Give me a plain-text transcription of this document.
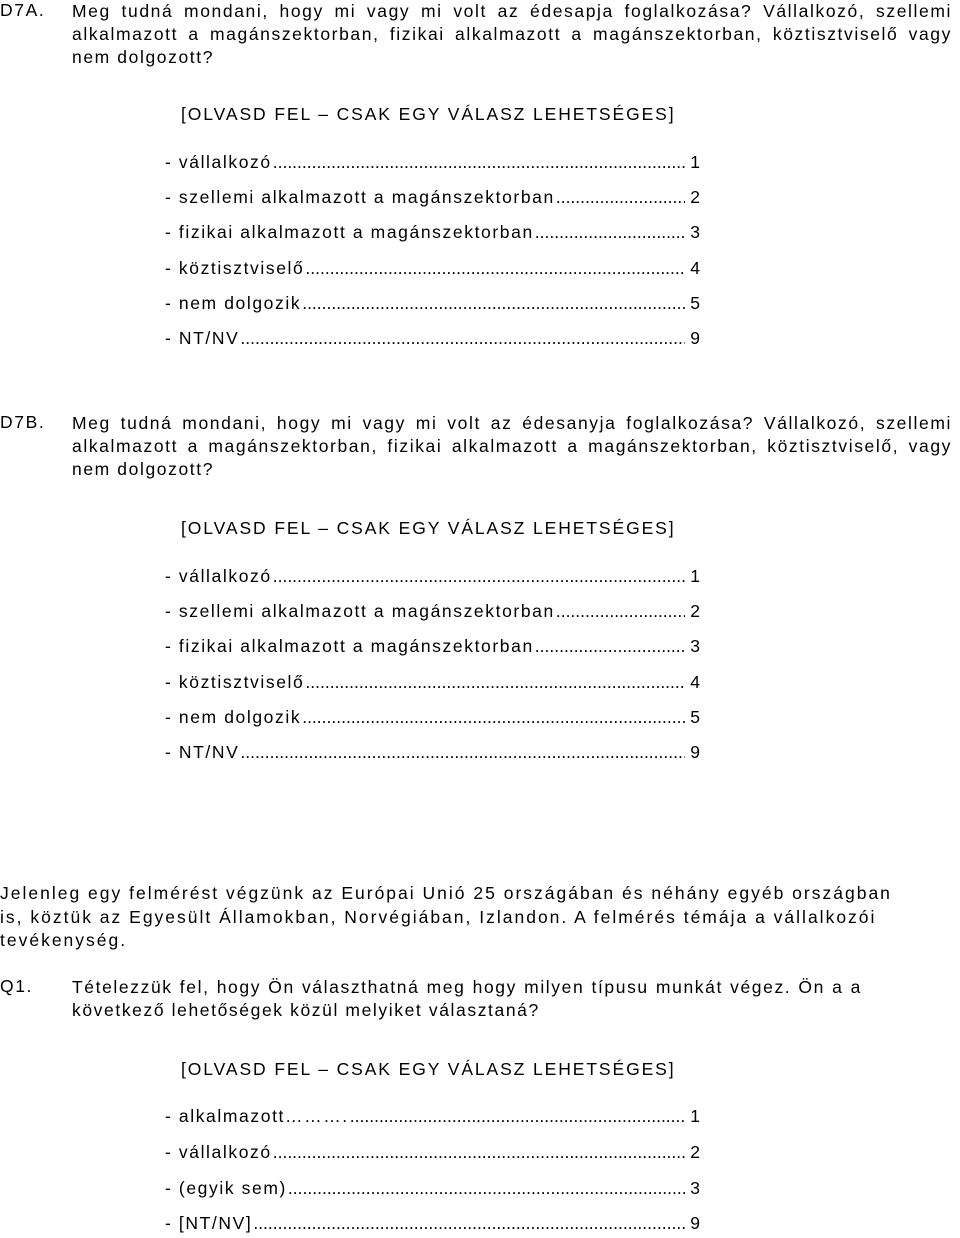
D7A. Meg tudná mondani, hogy mi vagy mi volt az édesapja foglalkozása? Vállalkozó, szellemi alkalmazott a magánszektorban, fizikai alkalmazott a magánszektorban, köztisztviselő vagy nem dolgozott?
[OLVASD FEL – CSAK EGY VÁLASZ LEHETSÉGES]
- vállalkozó .....	1
- szellemi alkalmazott a magánszektorban .....	2
- fizikai alkalmazott a magánszektorban .....	3
- köztisztviselő .....	4
- nem dolgozik .....	5
- NT/NV .....	9
D7B. Meg tudná mondani, hogy mi vagy mi volt az édesanyja foglalkozása? Vállalkozó, szellemi alkalmazott a magánszektorban, fizikai alkalmazott a magánszektorban, köztisztviselő, vagy nem dolgozott?
[OLVASD FEL – CSAK EGY VÁLASZ LEHETSÉGES]
- vállalkozó .....	1
- szellemi alkalmazott a magánszektorban .....	2
- fizikai alkalmazott a magánszektorban .....	3
- köztisztviselő .....	4
- nem dolgozik .....	5
- NT/NV .....	9
Jelenleg egy felmérést végzünk az Európai Unió 25 országában és néhány egyéb országban is, köztük az Egyesült Államokban, Norvégiában, Izlandon. A felmérés témája a vállalkozói tevékenység.
Q1. Tételezzük fel, hogy Ön választhatná meg hogy milyen típusu munkát végez. Ön a a következő lehetőségek közül melyiket választaná?
[OLVASD FEL – CSAK EGY VÁLASZ LEHETSÉGES]
- alkalmazott………. .....	1
- vállalkozó .....	2
- (egyik sem) .....	3
- [NT/NV] .....	9
